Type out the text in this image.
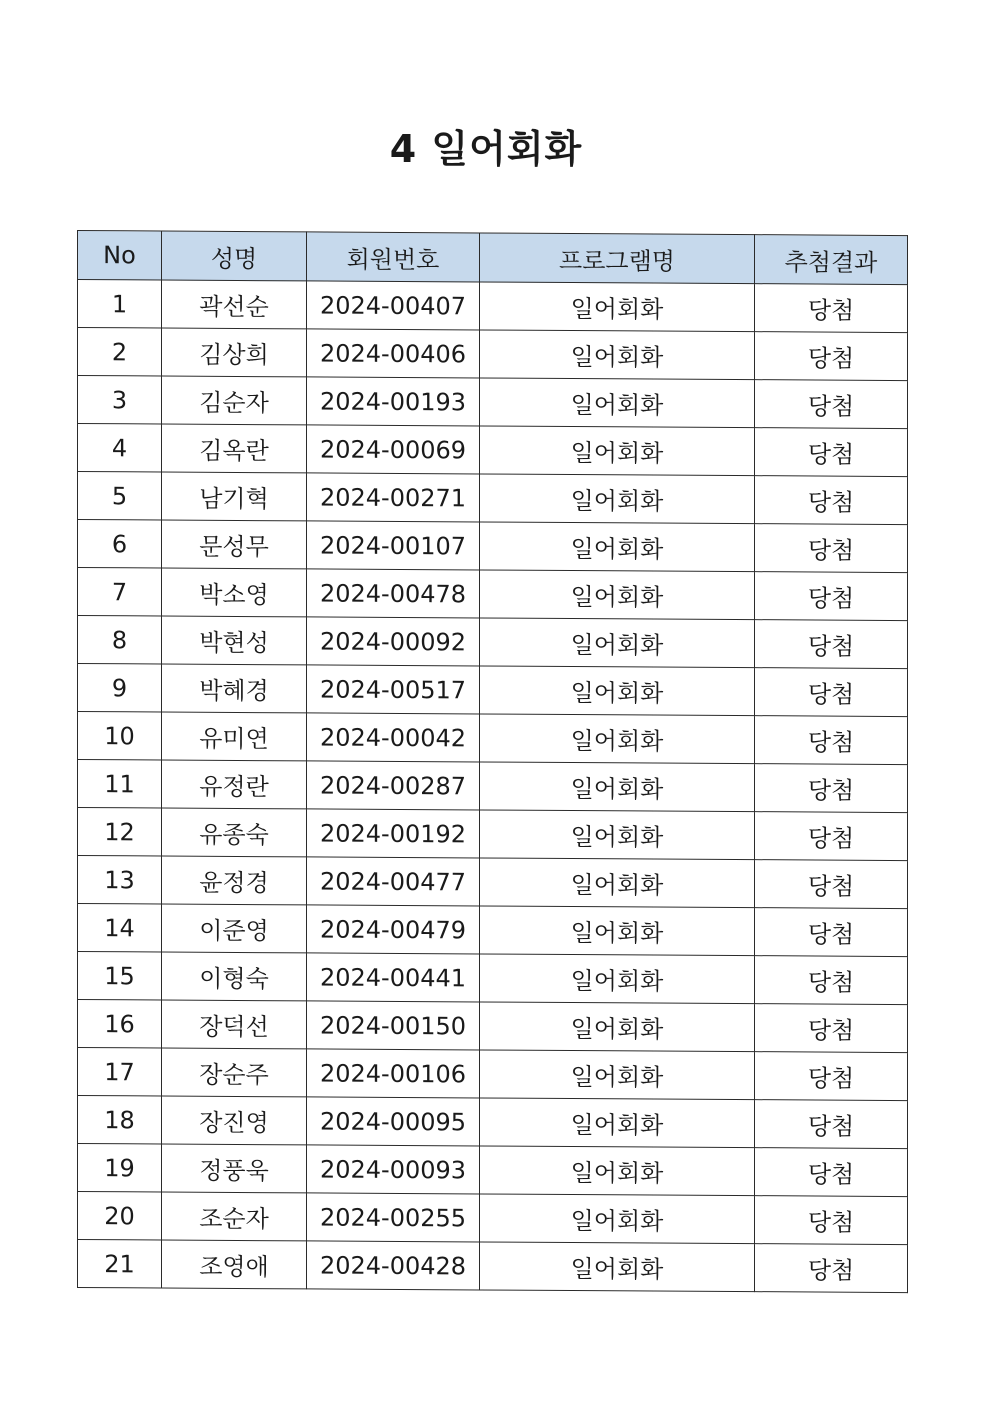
4 일어회화
No	성명	회원번호	프로그램명	추첨결과
1	곽선순	2024-00407	일어회화	당첨
2	김상희	2024-00406	일어회화	당첨
3	김순자	2024-00193	일어회화	당첨
4	김옥란	2024-00069	일어회화	당첨
5	남기혁	2024-00271	일어회화	당첨
6	문성무	2024-00107	일어회화	당첨
7	박소영	2024-00478	일어회화	당첨
8	박현성	2024-00092	일어회화	당첨
9	박혜경	2024-00517	일어회화	당첨
10	유미연	2024-00042	일어회화	당첨
11	유정란	2024-00287	일어회화	당첨
12	유종숙	2024-00192	일어회화	당첨
13	윤정경	2024-00477	일어회화	당첨
14	이준영	2024-00479	일어회화	당첨
15	이형숙	2024-00441	일어회화	당첨
16	장덕선	2024-00150	일어회화	당첨
17	장순주	2024-00106	일어회화	당첨
18	장진영	2024-00095	일어회화	당첨
19	정풍욱	2024-00093	일어회화	당첨
20	조순자	2024-00255	일어회화	당첨
21	조영애	2024-00428	일어회화	당첨
